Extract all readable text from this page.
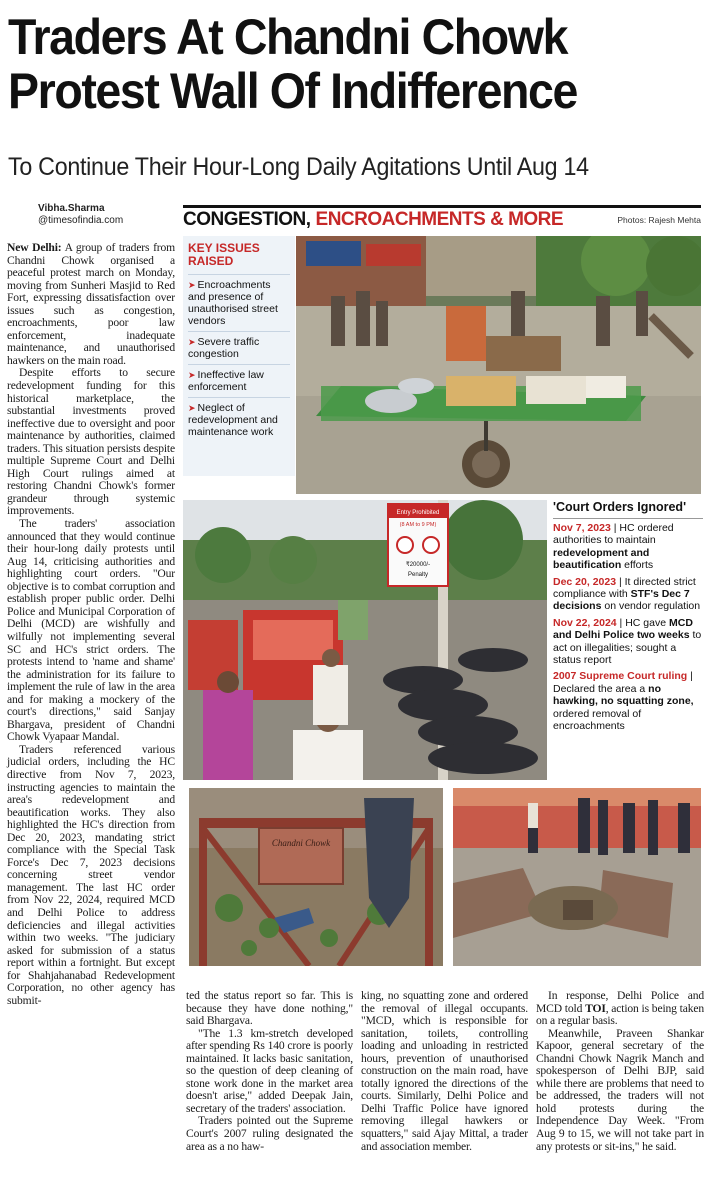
Traders At Chandni Chowk Protest Wall Of Indifference
To Continue Their Hour-Long Daily Agitations Until Aug 14
Vibha.Sharma
@timesofindia.com

New Delhi: A group of traders from Chandni Chowk organised a peaceful protest march on Monday, moving from Sunheri Masjid to Red Fort, expressing dissatisfaction over issues such as congestion, encroachments, poor law enforcement, inadequate maintenance, and unauthorised hawkers on the main road.

Despite efforts to secure redevelopment funding for this historical marketplace, the substantial investments proved ineffective due to oversight and poor maintenance by authorities, claimed traders. This situation persists despite multiple Supreme Court and Delhi High Court rulings aimed at restoring Chandni Chowk's former grandeur through systemic improvements.

The traders' association announced that they would continue their hour-long daily protests until Aug 14, criticising authorities and highlighting court orders. "Our objective is to combat corruption and establish proper public order. Delhi Police and Municipal Corporation of Delhi (MCD) are wishfully and wilfully not implementing several SC and HC's strict orders. The protests intend to 'name and shame' the administration for its failure to implement the rule of law in the area and for making a mockery of the court's directions," said Sanjay Bhargava, president of Chandni Chowk Vyapaar Mandal.

Traders referenced various judicial orders, including the HC directive from Nov 7, 2023, instructing agencies to maintain the area's redevelopment and beautification works. They also highlighted the HC's direction from Dec 20, 2023, mandating strict compliance with the Special Task Force's Dec 7, 2023 decisions concerning street vendor management. The last HC order from Nov 22, 2024, required MCD and Delhi Police to address deficiencies and illegal activities within two weeks. "The judiciary asked for submission of a status report within a fortnight. But except for Shahjahanabad Redevelopment Corporation, no other agency has submit-

CONGESTION, ENCROACHMENTS & MORE	Photos: Rajesh Mehta
KEY ISSUES
RAISED
➤ Encroachments and presence of unauthorised street vendors
➤ Severe traffic congestion
➤ Ineffective law enforcement
➤ Neglect of redevelopment and maintenance work
Entry Prohibited
(8 AM to 9 PM)
₹20000/-
Penalty
'Court Orders Ignored'
Nov 7, 2023 | HC ordered authorities to maintain redevelopment and beautification efforts
Dec 20, 2023 | It directed strict compliance with STF's Dec 7 decisions on vendor regulation
Nov 22, 2024 | HC gave MCD and Delhi Police two weeks to act on illegalities; sought a status report
2007 Supreme Court ruling | Declared the area a no hawking, no squatting zone, ordered removal of encroachments
Chandni Chowk

ted the status report so far. This is because they have done nothing," said Bhargava.

"The 1.3 km-stretch developed after spending Rs 140 crore is poorly maintained. It lacks basic sanitation, so the question of deep cleaning of stone work done in the market area doesn't arise," added Deepak Jain, secretary of the traders' association.

Traders pointed out the Supreme Court's 2007 ruling designated the area as a no haw-

king, no squatting zone and ordered the removal of illegal occupants. "MCD, which is responsible for sanitation, toilets, controlling loading and unloading in restricted hours, prevention of unauthorised construction on the main road, have totally ignored the directions of the courts. Similarly, Delhi Police and Delhi Traffic Police have ignored removing illegal hawkers or squatters," said Ajay Mittal, a trader and association member.

In response, Delhi Police and MCD told TOI, action is being taken on a regular basis.

Meanwhile, Praveen Shankar Kapoor, general secretary of the Chandni Chowk Nagrik Manch and spokesperson of Delhi BJP, said while there are problems that need to be addressed, the traders will not hold protests during the Independence Day Week. "From Aug 9 to 15, we will not take part in any protests or sit-ins," he said.
